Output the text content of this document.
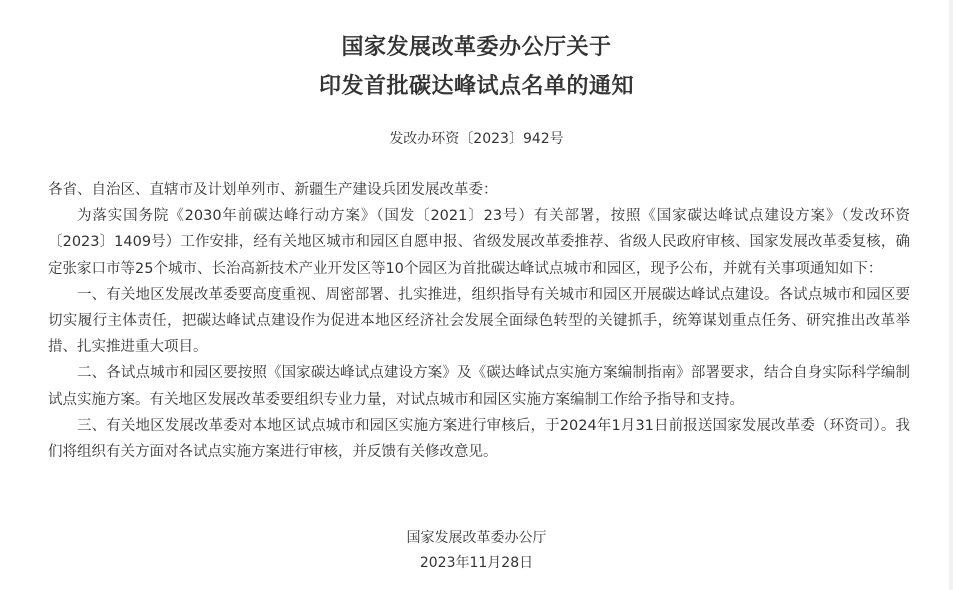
国家发展改革委办公厅关于
印发首批碳达峰试点名单的通知
发改办环资〔2023〕942号

各省、自治区、直辖市及计划单列市、新疆生产建设兵团发展改革委：

为落实国务院《2030年前碳达峰行动方案》（国发〔2021〕23号）有关部署，按照《国家碳达峰试点建设方案》（发改环资〔2023〕1409号）工作安排，经有关地区城市和园区自愿申报、省级发展改革委推荐、省级人民政府审核、国家发展改革委复核，确定张家口市等25个城市、长治高新技术产业开发区等10个园区为首批碳达峰试点城市和园区，现予公布，并就有关事项通知如下：

一、有关地区发展改革委要高度重视、周密部署、扎实推进，组织指导有关城市和园区开展碳达峰试点建设。各试点城市和园区要切实履行主体责任，把碳达峰试点建设作为促进本地区经济社会发展全面绿色转型的关键抓手，统筹谋划重点任务、研究推出改革举措、扎实推进重大项目。

二、各试点城市和园区要按照《国家碳达峰试点建设方案》及《碳达峰试点实施方案编制指南》部署要求，结合自身实际科学编制试点实施方案。有关地区发展改革委要组织专业力量，对试点城市和园区实施方案编制工作给予指导和支持。

三、有关地区发展改革委对本地区试点城市和园区实施方案进行审核后，于2024年1月31日前报送国家发展改革委（环资司）。我们将组织有关方面对各试点实施方案进行审核，并反馈有关修改意见。

国家发展改革委办公厅
2023年11月28日
